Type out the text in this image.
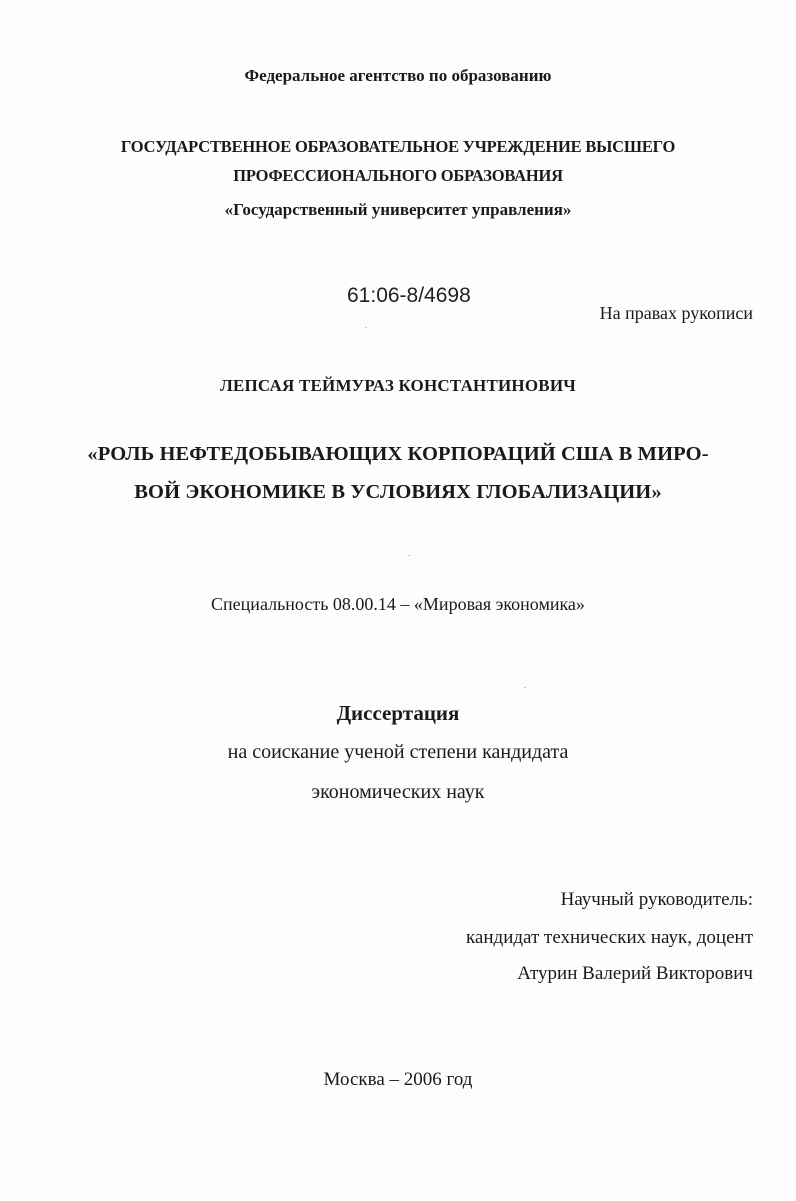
Федеральное агентство по образованию

ГОСУДАРСТВЕННОЕ ОБРАЗОВАТЕЛЬНОЕ УЧРЕЖДЕНИЕ ВЫСШЕГО

ПРОФЕССИОНАЛЬНОГО ОБРАЗОВАНИЯ

«Государственный университет управления»

61:06-8/4698

На правах рукописи

ЛЕПСАЯ ТЕЙМУРАЗ КОНСТАНТИНОВИЧ

«РОЛЬ НЕФТЕДОБЫВАЮЩИХ КОРПОРАЦИЙ США В МИРО-

ВОЙ ЭКОНОМИКЕ В УСЛОВИЯХ ГЛОБАЛИЗАЦИИ»

Специальность 08.00.14 – «Мировая экономика»

Диссертация

на соискание ученой степени кандидата

экономических наук

Научный руководитель:

кандидат технических наук, доцент

Атурин Валерий Викторович

Москва – 2006 год
